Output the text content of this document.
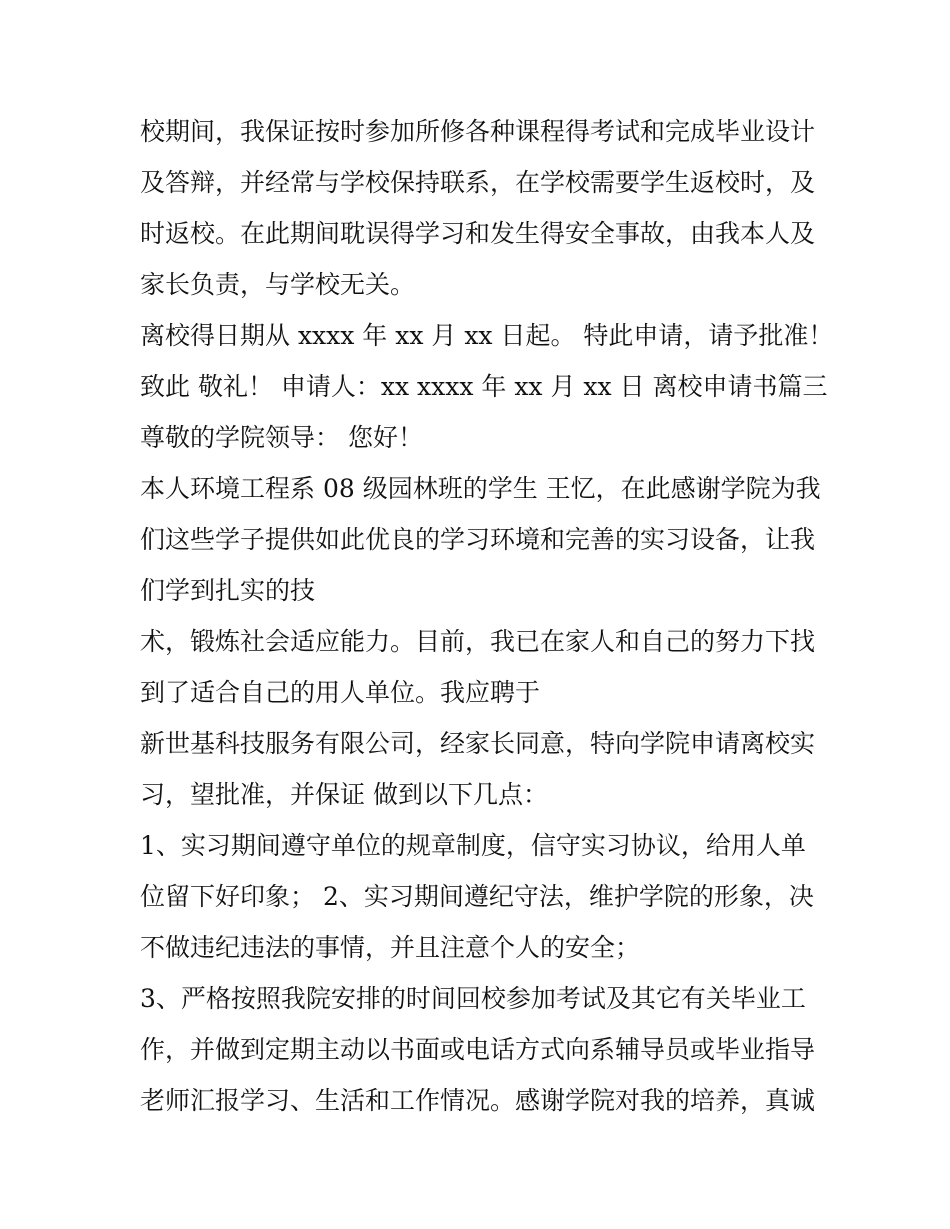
校期间，我保证按时参加所修各种课程得考试和完成毕业设计
及答辩，并经常与学校保持联系，在学校需要学生返校时，及
时返校。在此期间耽误得学习和发生得安全事故，由我本人及
家长负责，与学校无关。
离校得日期从 xxxx 年 xx 月 xx 日起。 特此申请，请予批准！
致此 敬礼！ 申请人：xx xxxx 年 xx 月 xx 日 离校申请书篇三
尊敬的学院领导： 您好！
本人环境工程系 08 级园林班的学生 王忆，在此感谢学院为我
们这些学子提供如此优良的学习环境和完善的实习设备，让我
们学到扎实的技
术，锻炼社会适应能力。目前，我已在家人和自己的努力下找
到了适合自己的用人单位。我应聘于
新世基科技服务有限公司，经家长同意，特向学院申请离校实
习，望批准，并保证 做到以下几点：
1、实习期间遵守单位的规章制度，信守实习协议，给用人单
位留下好印象； 2、实习期间遵纪守法，维护学院的形象，决
不做违纪违法的事情，并且注意个人的安全；
3、严格按照我院安排的时间回校参加考试及其它有关毕业工
作，并做到定期主动以书面或电话方式向系辅导员或毕业指导
老师汇报学习、生活和工作情况。感谢学院对我的培养，真诚
